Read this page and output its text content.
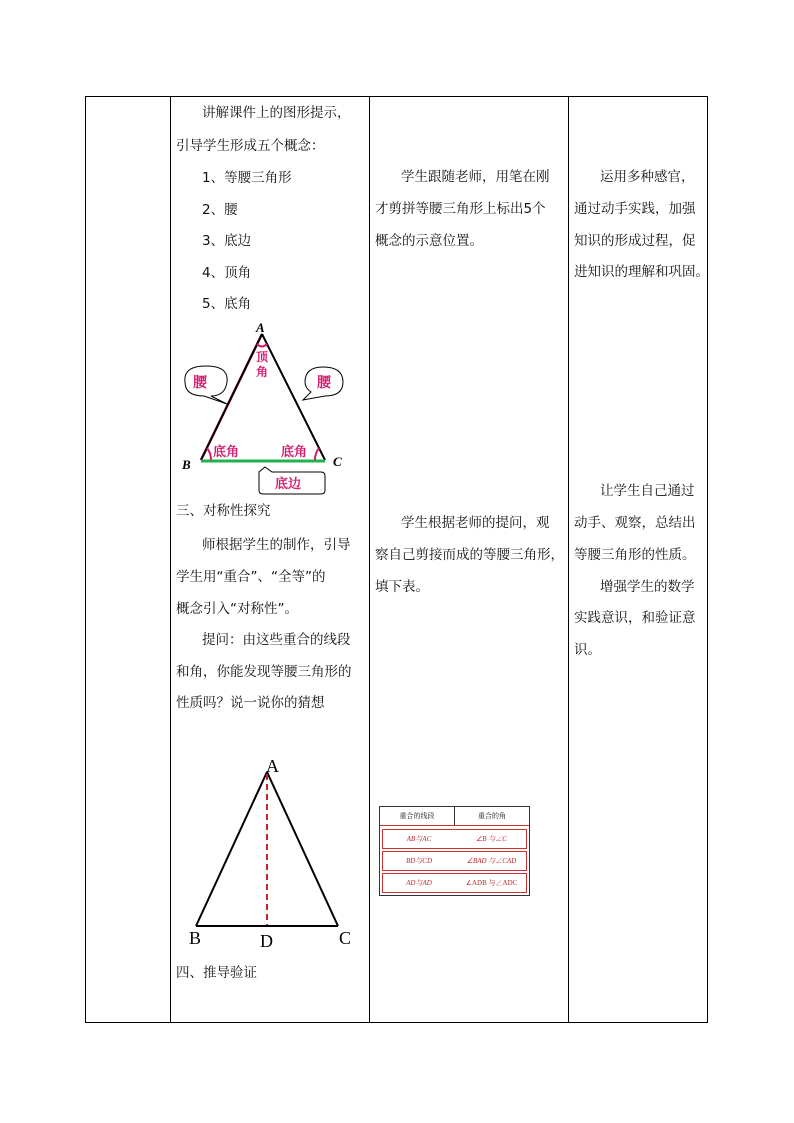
讲解课件上的图形提示，
引导学生形成五个概念：
1、等腰三角形
2、腰
3、底边
4、顶角
5、底角
三、对称性探究
师根据学生的制作，引导
学生用“重合”、“全等”的
概念引入“对称性”。
提问：由这些重合的线段
和角，你能发现等腰三角形的
性质吗？说一说你的猜想
四、推导验证
A
B	C
顶
角
腰	腰
底角	底角
底边
A
B	C
D
学生跟随老师，用笔在刚
才剪拼等腰三角形上标出5个
概念的示意位置。
学生根据老师的提问，观
察自己剪接而成的等腰三角形，
填下表。
重合的线段	重合的角
AB与AC	∠B 与∠C
BD与CD	∠BAD 与∠CAD
AD与AD	∠ADB 与∠ADC
运用多种感官，
通过动手实践，加强
知识的形成过程，促
进知识的理解和巩固。
让学生自己通过
动手、观察，总结出
等腰三角形的性质。
增强学生的数学
实践意识，和验证意
识。
